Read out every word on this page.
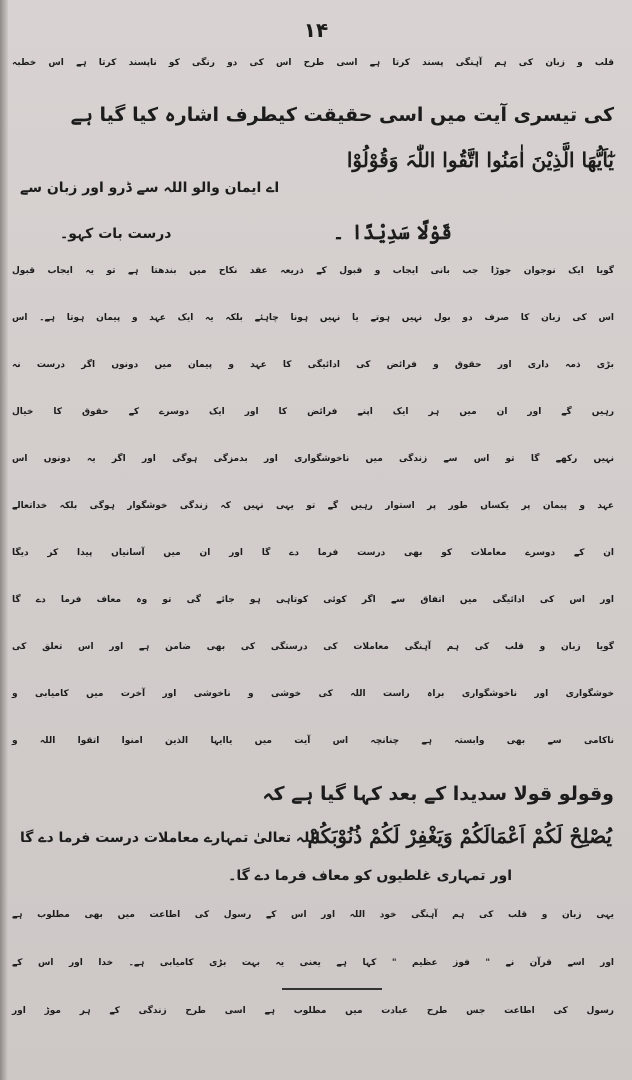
۱۴
قلب و زبان کی ہم آہنگی پسند کرتا ہے اسی طرح اس کی دو رنگی کو ناپسند کرتا ہے اس خطبہ
کی تیسری آیت میں اسی حقیقت کیطرف اشارہ کیا گیا ہے
یٰٓاَیُّھَا الَّذِیْنَ اٰمَنُوا اتَّقُوا اللّٰہَ وَقُوْلُوْا
اے ایمان والو اللہ سے ڈرو اور زبان سے
قَوْلًا سَدِیْدًا ۔
درست بات کہو۔
گویا ایک نوجوان جوڑا جب بانی ایجاب و قبول کے ذریعہ عقد نکاح میں بندھتا ہے تو یہ ایجاب قبول
اس کی زبان کا صرف دو بول نہیں ہوتے یا نہیں ہونا چاہئے بلکہ یہ ایک عہد و پیمان ہوتا ہے۔ اس
بڑی ذمہ داری اور حقوق و فرائض کی ادائیگی کا عہد و پیمان میں دونوں اگر درست نہ
رہیں گے اور ان میں ہر ایک اپنے فرائض کا اور ایک دوسرے کے حقوق کا خیال
نہیں رکھے گا تو اس سے زندگی میں ناخوشگواری اور بدمزگی ہوگی اور اگر یہ دونوں اس
عہد و پیمان پر یکساں طور پر استوار رہیں گے تو یہی نہیں کہ زندگی خوشگوار ہوگی بلکہ خداتعالے
ان کے دوسرے معاملات کو بھی درست فرما دے گا اور ان میں آسانیاں پیدا کر دیگا
اور اس کی ادائیگی میں اتفاق سے اگر کوئی کوتاہی ہو جائے گی تو وہ معاف فرما دے گا
گویا زبان و قلب کی ہم آہنگی معاملات کی درستگی کی بھی ضامن ہے اور اس تعلق کی
خوشگواری اور ناخوشگواری براہ راست اللہ کی خوشی و ناخوشی اور آخرت میں کامیابی و
ناکامی سے بھی وابستہ ہے چنانچہ اس آیت میں یاایہا الذین امنوا اتقوا اللہ و
وقولو قولا سدیدا کے بعد کہا گیا ہے کہ
یُصْلِحْ لَکُمْ اَعْمَالَکُمْ وَیَغْفِرْ لَکُمْ ذُنُوْبَکُمْ
اللہ تعالیٰ تمہارے معاملات درست فرما دے گا
اور تمہاری غلطیوں کو معاف فرما دے گا۔
یہی زبان و قلب کی ہم آہنگی خود اللہ اور اس کے رسول کی اطاعت میں بھی مطلوب ہے
اور اسے قرآن نے " فوز عظیم " کہا ہے یعنی یہ بہت بڑی کامیابی ہے۔ خدا اور اس کے
رسول کی اطاعت جس طرح عبادت میں مطلوب ہے اسی طرح زندگی کے ہر موڑ اور
